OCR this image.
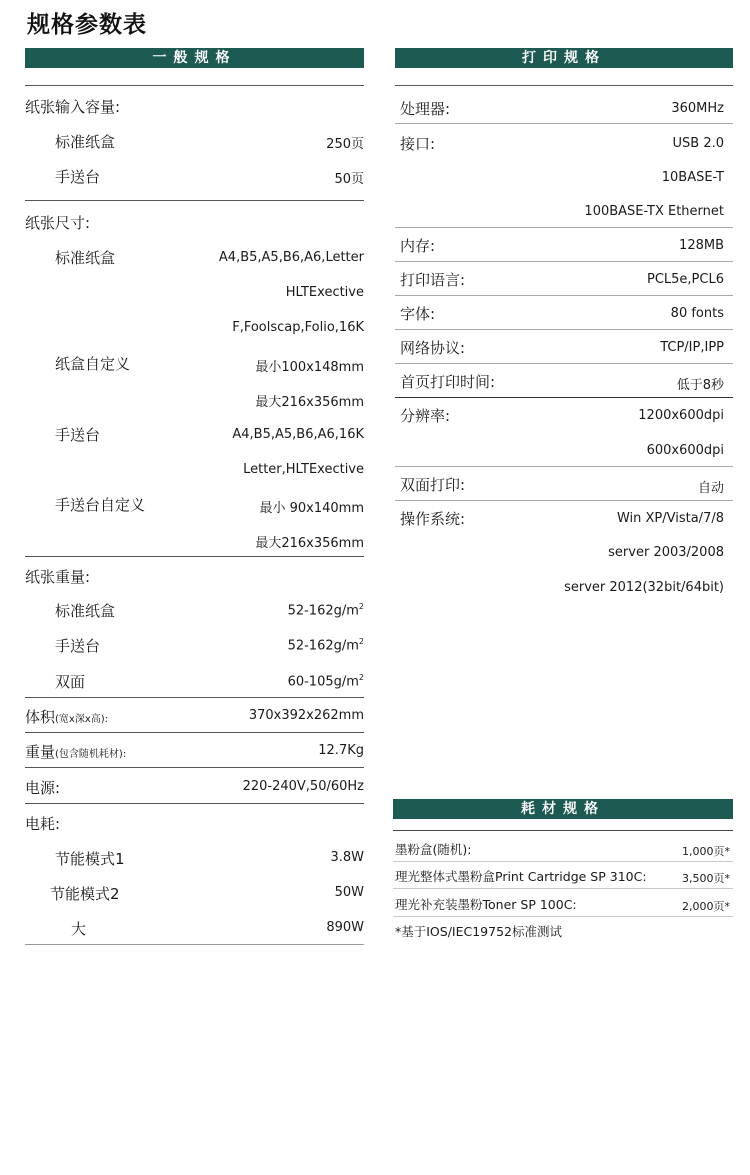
规格参数表
一般规格	打印规格
纸张输入容量:
标准纸盒	250页
手送台	50页
纸张尺寸:
标准纸盒	A4,B5,A5,B6,A6,Letter
HLTExective
F,Foolscap,Folio,16K
纸盒自定义	最小100x148mm
最大216x356mm
手送台	A4,B5,A5,B6,A6,16K
Letter,HLTExective
手送台自定义	最小 90x140mm
最大216x356mm
纸张重量:
标准纸盒	$52-162g/m^2$
手送台	$52-162g/m^2$
双面	$60-105g/m^2$
体积(宽x深x高):	370x392x262mm
重量(包含随机耗材):	12.7Kg
电源:	220-240V,50/60Hz
电耗:
节能模式1	3.8W
节能模式2	50W
大	890W
处理器:	360MHz
接口:	USB 2.0
10BASE-T
100BASE-TX Ethernet
内存:	128MB
打印语言:	PCL5e,PCL6
字体:	80 fonts
网络协议:	TCP/IP,IPP
首页打印时间:	低于8秒
分辨率:	1200x600dpi
600x600dpi
双面打印:	自动
操作系统:	Win XP/Vista/7/8
server 2003/2008
server 2012(32bit/64bit)
耗材规格
墨粉盒(随机):	1,000页*
理光整体式墨粉盒Print Cartridge SP 310C:	3,500页*
理光补充装墨粉Toner SP 100C:	2,000页*
*基于IOS/IEC19752标准测试
